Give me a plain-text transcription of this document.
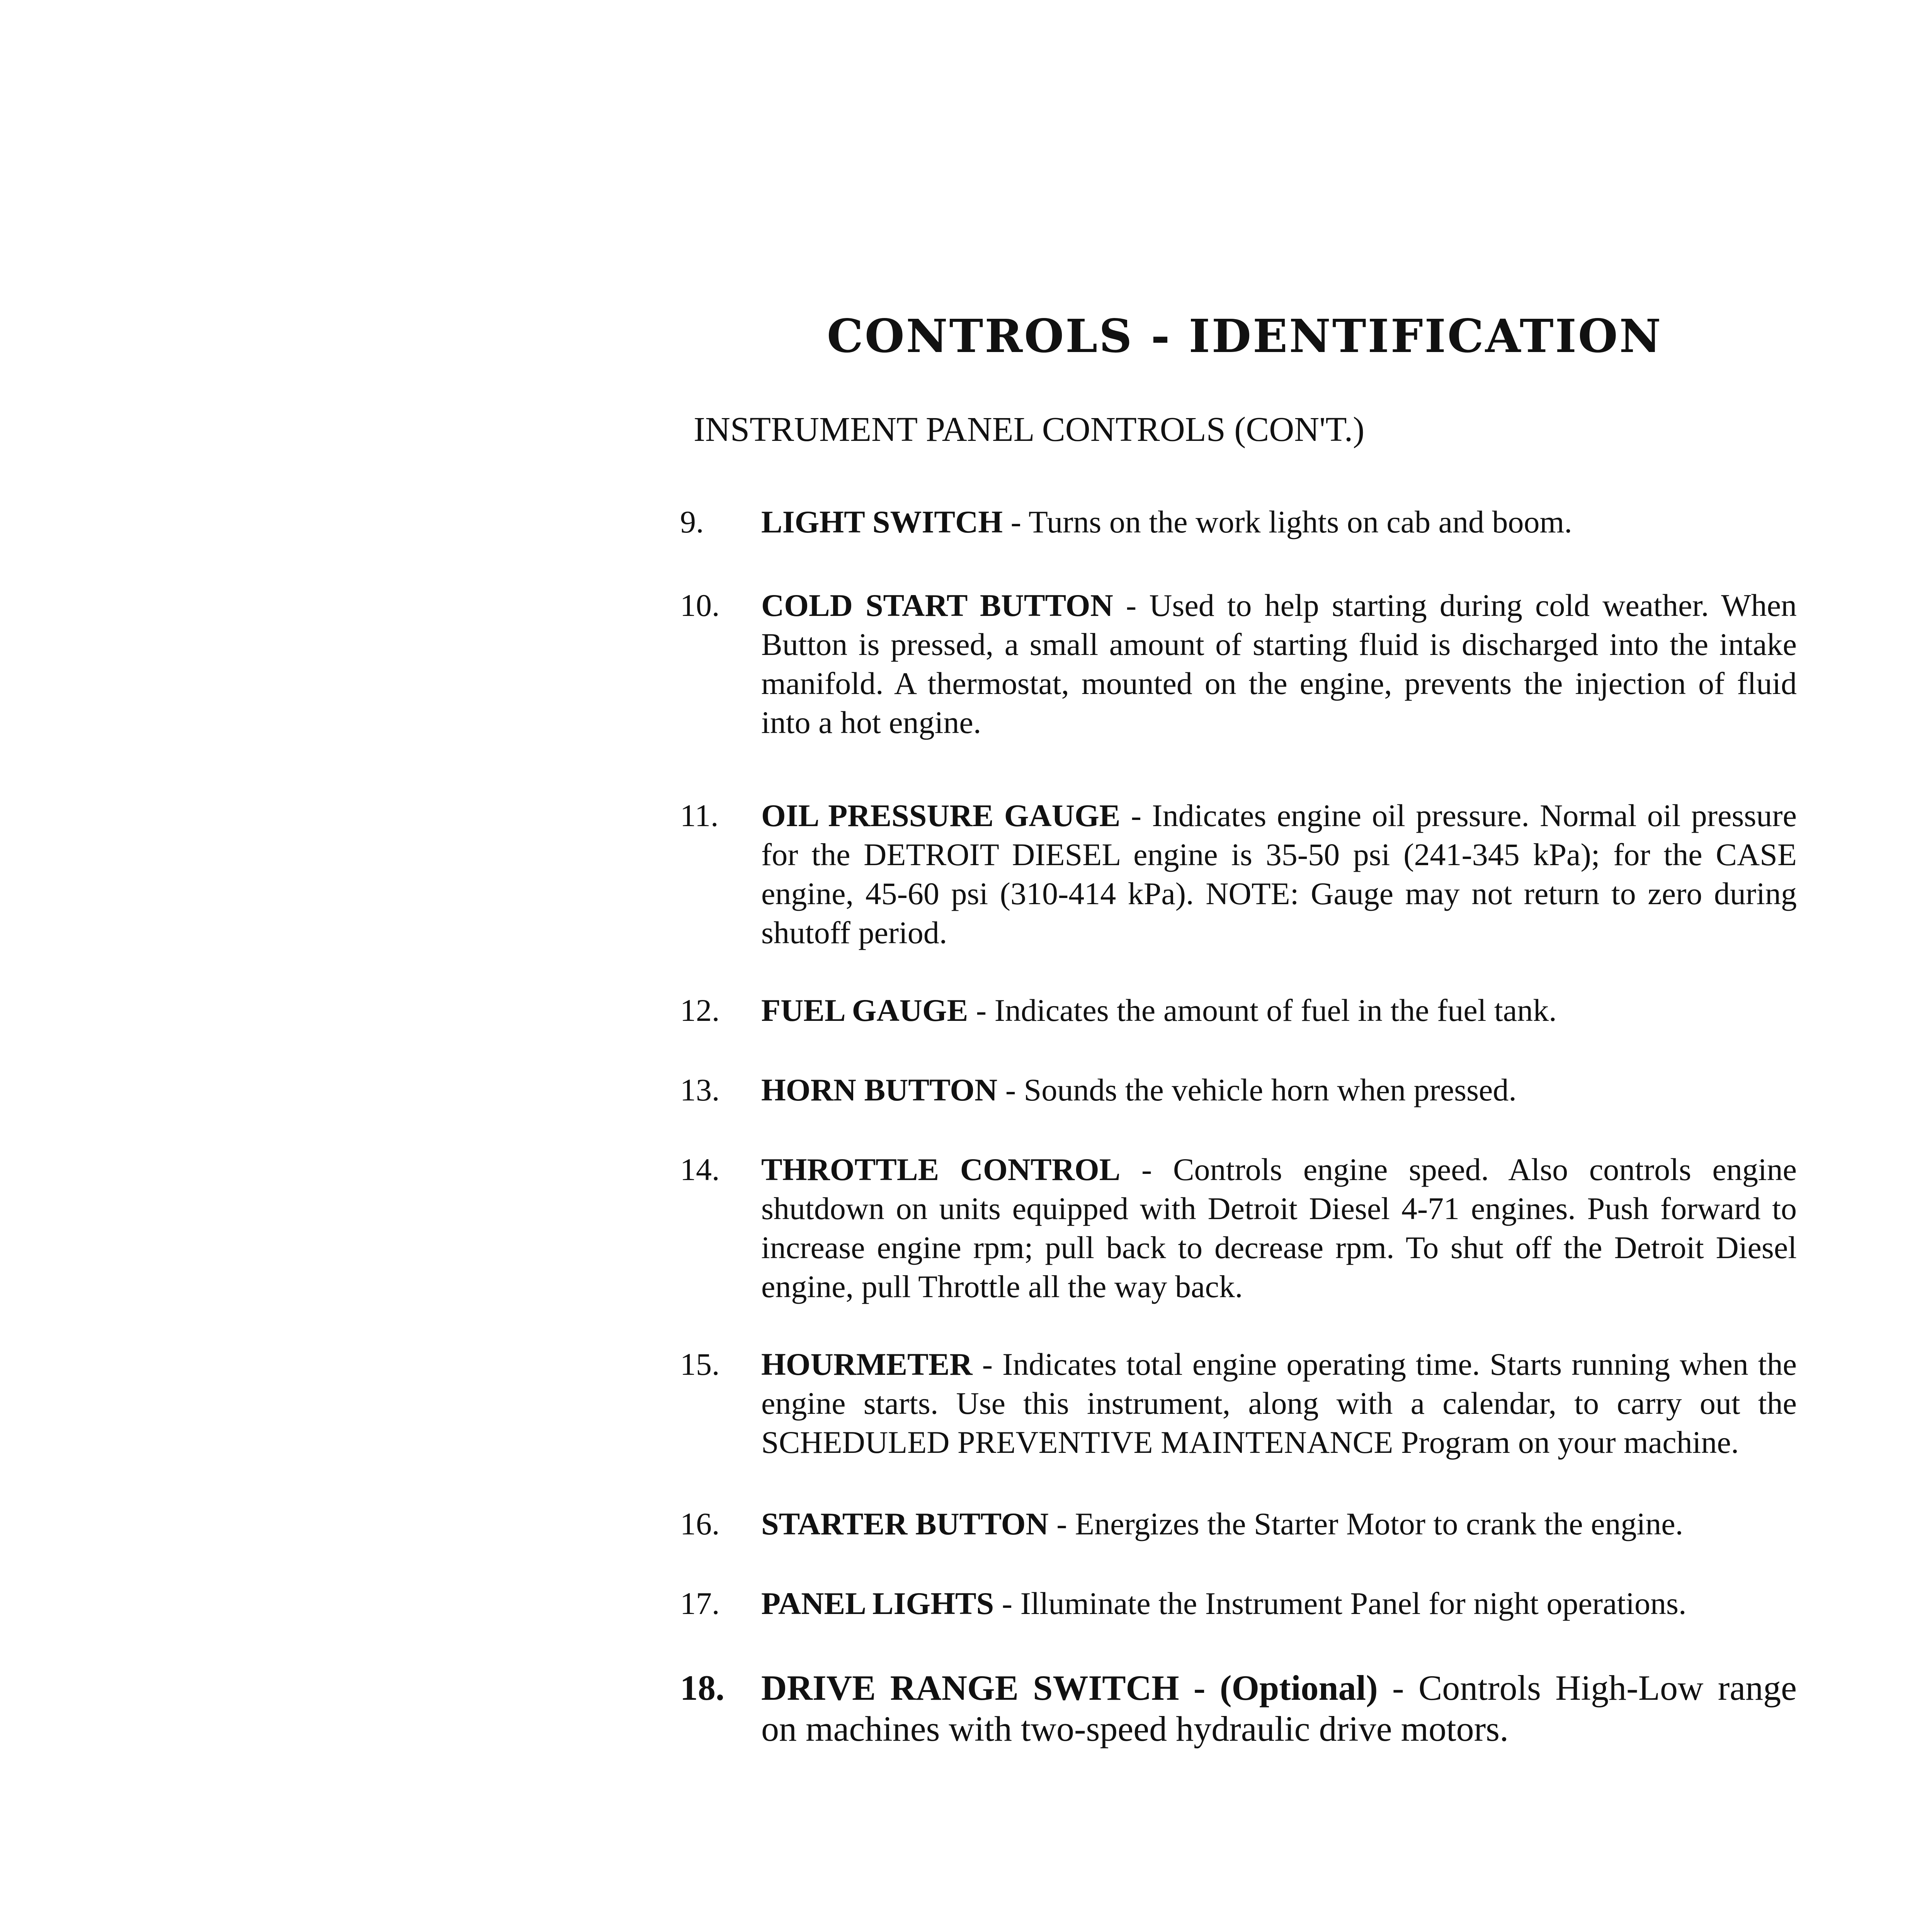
CONTROLS - IDENTIFICATION
INSTRUMENT PANEL CONTROLS (CON'T.)
9.	LIGHT SWITCH - Turns on the work lights on cab and boom.
10.	COLD START BUTTON - Used to help starting during cold weather. When Button is pressed, a small amount of starting fluid is discharged into the intake manifold. A thermostat, mounted on the engine, prevents the injection of fluid into a hot engine.
11.	OIL PRESSURE GAUGE - Indicates engine oil pressure. Normal oil pressure for the DETROIT DIESEL engine is 35-50 psi (241-345 kPa); for the CASE engine, 45-60 psi (310-414 kPa). NOTE: Gauge may not return to zero during shutoff period.
12.	FUEL GAUGE - Indicates the amount of fuel in the fuel tank.
13.	HORN BUTTON - Sounds the vehicle horn when pressed.
14.	THROTTLE CONTROL - Controls engine speed. Also controls engine shutdown on units equipped with Detroit Diesel 4-71 engines. Push forward to increase engine rpm; pull back to decrease rpm. To shut off the Detroit Diesel engine, pull Throttle all the way back.
15.	HOURMETER - Indicates total engine operating time. Starts running when the engine starts. Use this instrument, along with a calendar, to carry out the SCHEDULED PREVENTIVE MAINTENANCE Program on your machine.
16.	STARTER BUTTON - Energizes the Starter Motor to crank the engine.
17.	PANEL LIGHTS - Illuminate the Instrument Panel for night operations.
18.	DRIVE RANGE SWITCH - (Optional) - Controls High-Low range on machines with two-speed hydraulic drive motors.
